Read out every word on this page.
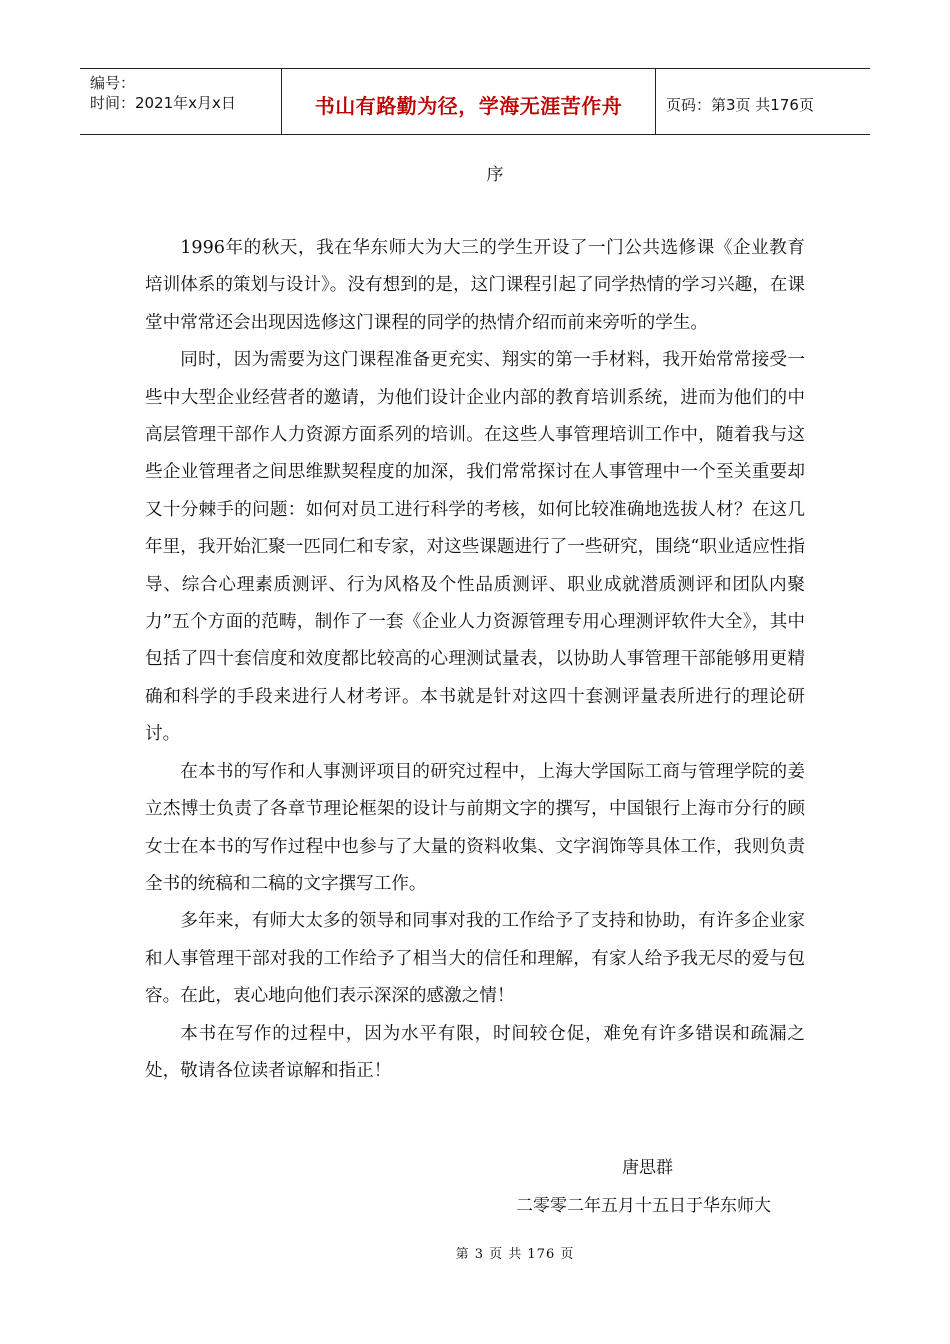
编号：
时间：2021年x月x日	书山有路勤为径，学海无涯苦作舟	页码：第3页 共176页
序

1996年的秋天，我在华东师大为大三的学生开设了一门公共选修课《企业教育培训体系的策划与设计》。没有想到的是，这门课程引起了同学热情的学习兴趣，在课堂中常常还会出现因选修这门课程的同学的热情介绍而前来旁听的学生。

同时，因为需要为这门课程准备更充实、翔实的第一手材料，我开始常常接受一些中大型企业经营者的邀请，为他们设计企业内部的教育培训系统，进而为他们的中高层管理干部作人力资源方面系列的培训。在这些人事管理培训工作中，随着我与这些企业管理者之间思维默契程度的加深，我们常常探讨在人事管理中一个至关重要却又十分棘手的问题：如何对员工进行科学的考核，如何比较准确地选拔人材？在这几年里，我开始汇聚一匹同仁和专家，对这些课题进行了一些研究，围绕“职业适应性指导、综合心理素质测评、行为风格及个性品质测评、职业成就潜质测评和团队内聚力”五个方面的范畴，制作了一套《企业人力资源管理专用心理测评软件大全》，其中包括了四十套信度和效度都比较高的心理测试量表，以协助人事管理干部能够用更精确和科学的手段来进行人材考评。本书就是针对这四十套测评量表所进行的理论研讨。

在本书的写作和人事测评项目的研究过程中，上海大学国际工商与管理学院的姜立杰博士负责了各章节理论框架的设计与前期文字的撰写，中国银行上海市分行的顾 女士在本书的写作过程中也参与了大量的资料收集、文字润饰等具体工作，我则负责全书的统稿和二稿的文字撰写工作。

多年来，有师大太多的领导和同事对我的工作给予了支持和协助，有许多企业家和人事管理干部对我的工作给予了相当大的信任和理解，有家人给予我无尽的爱与包容。在此，衷心地向他们表示深深的感激之情！

本书在写作的过程中，因为水平有限，时间较仓促，难免有许多错误和疏漏之处，敬请各位读者谅解和指正！

唐思群
二零零二年五月十五日于华东师大
第 3 页 共 176 页
